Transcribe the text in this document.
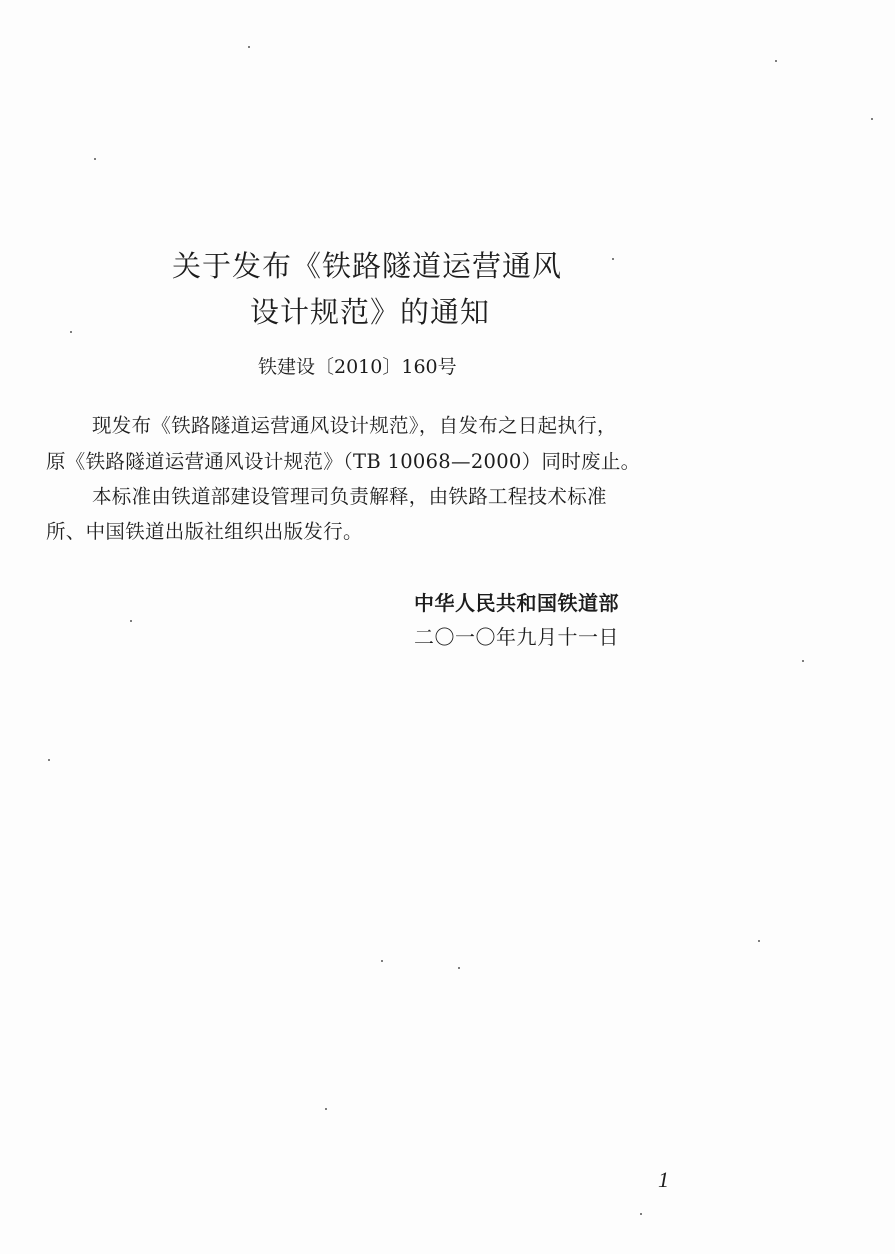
关于发布《铁路隧道运营通风
设计规范》的通知
铁建设〔2010〕160号
现发布《铁路隧道运营通风设计规范》，自发布之日起执行，
原《铁路隧道运营通风设计规范》（TB 10068—2000）同时废止。
本标准由铁道部建设管理司负责解释，由铁路工程技术标准
所、中国铁道出版社组织出版发行。
中华人民共和国铁道部
二〇一〇年九月十一日
1
